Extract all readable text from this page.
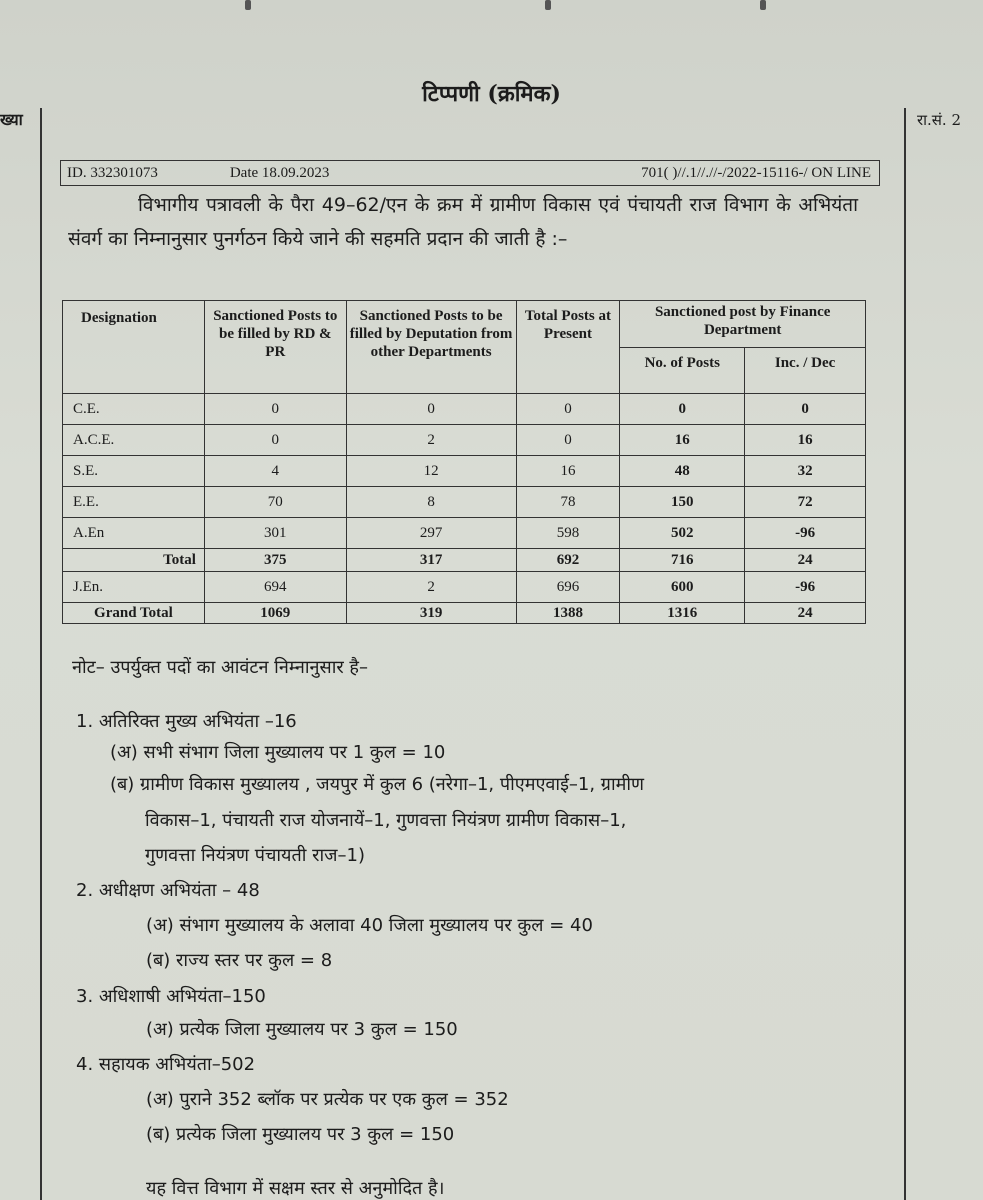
टिप्पणी (क्रमिक)
ख्या	रा.सं. 2
ID. 332301073	Date 18.09.2023	701( )//.1//.//-/2022-15116-/ ON LINE
विभागीय पत्रावली के पैरा 49–62/एन के क्रम में ग्रामीण विकास एवं पंचायती राज विभाग के अभियंता संवर्ग का निम्नानुसार पुनर्गठन किये जाने की सहमति प्रदान की जाती है :–
Designation	Sanctioned Posts to be filled by RD & PR	Sanctioned Posts to be filled by Deputation from other Departments	Total Posts at Present	Sanctioned post by Finance Department	
				No. of Posts	Inc. / Dec
C.E.	0	0	0	0	0
A.C.E.	0	2	0	16	16
S.E.	4	12	16	48	32
E.E.	70	8	78	150	72
A.En	301	297	598	502	-96
Total	375	317	692	716	24
J.En.	694	2	696	600	-96
Grand Total	1069	319	1388	1316	24
नोट– उपर्युक्त पदों का आवंटन निम्नानुसार है–
1. अतिरिक्त मुख्य अभियंता –16
(अ) सभी संभाग जिला मुख्यालय पर 1 कुल = 10
(ब) ग्रामीण विकास मुख्यालय , जयपुर में कुल 6 (नरेगा–1, पीएमएवाई–1, ग्रामीण
विकास–1, पंचायती राज योजनायें–1, गुणवत्ता नियंत्रण ग्रामीण विकास–1,
गुणवत्ता नियंत्रण पंचायती राज–1)
2. अधीक्षण अभियंता – 48
(अ) संभाग मुख्यालय के अलावा 40 जिला मुख्यालय पर कुल = 40
(ब) राज्य स्तर पर कुल = 8
3. अधिशाषी अभियंता–150
(अ) प्रत्येक जिला मुख्यालय पर 3 कुल = 150
4. सहायक अभियंता–502
(अ) पुराने 352 ब्लॉक पर प्रत्येक पर एक कुल = 352
(ब) प्रत्येक जिला मुख्यालय पर 3 कुल = 150
यह वित्त विभाग में सक्षम स्तर से अनुमोदित है।
